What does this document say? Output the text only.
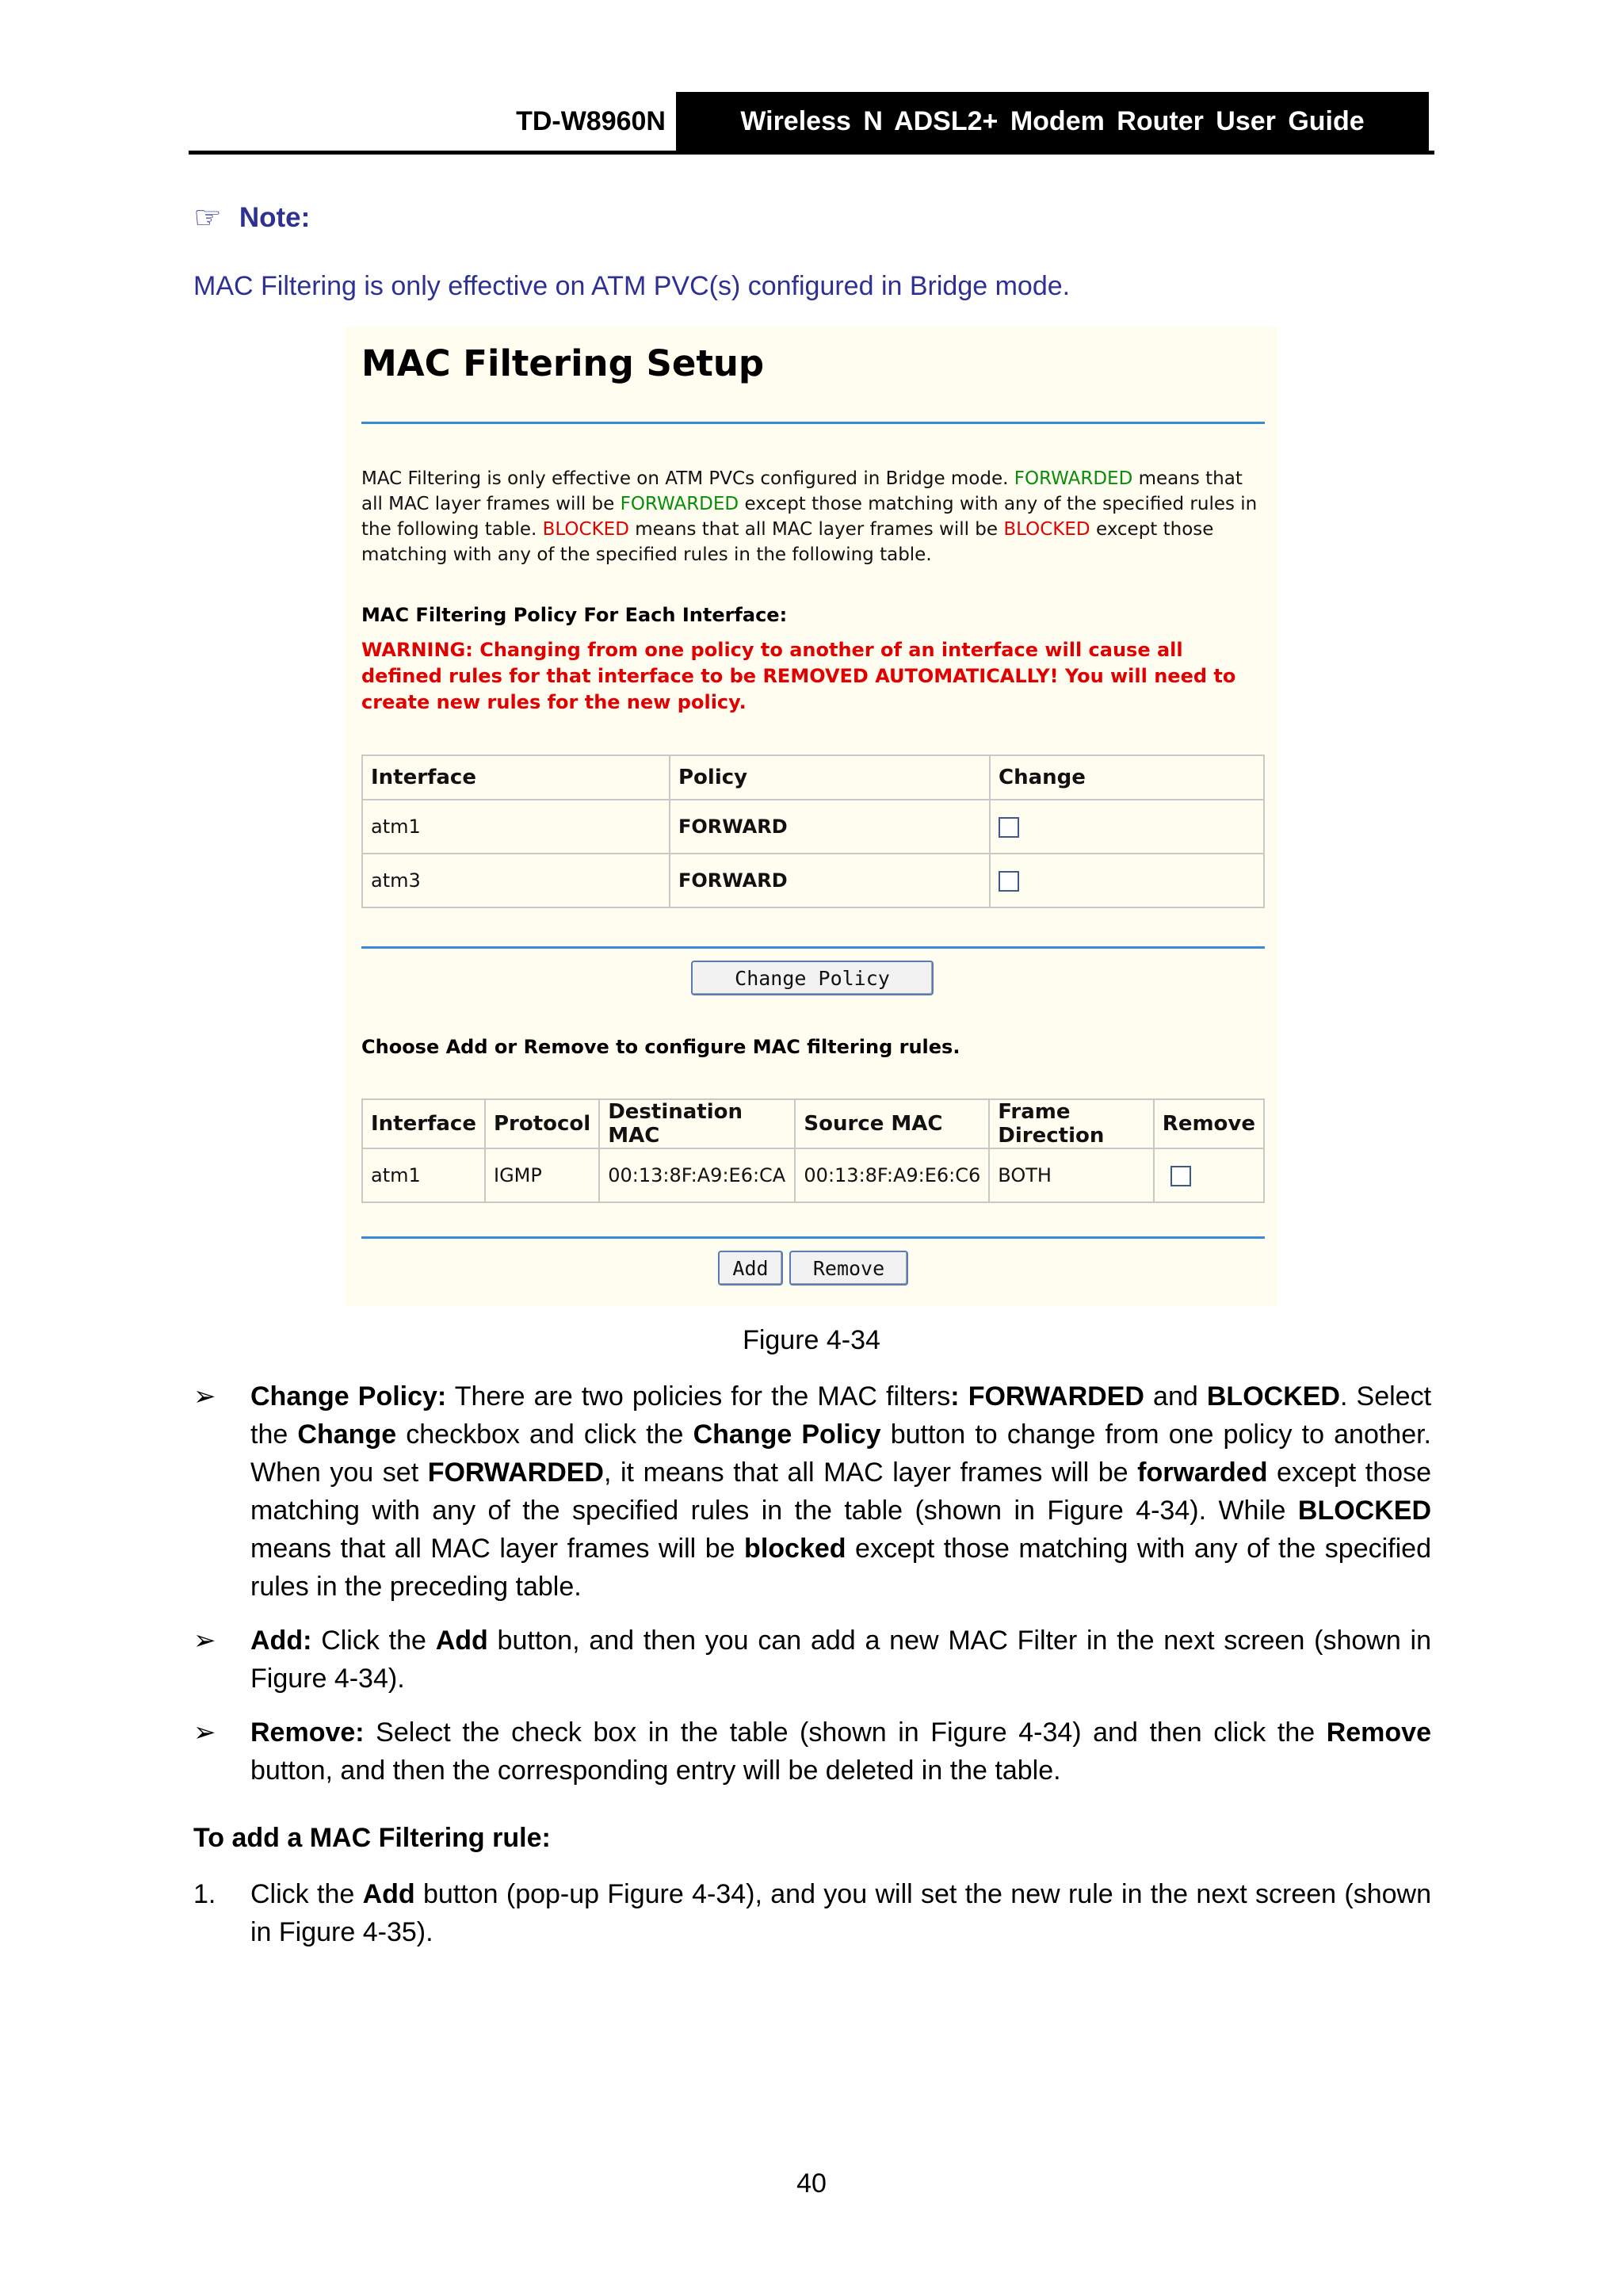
TD-W8960N	Wireless N ADSL2+ Modem Router User Guide
☞ Note:
MAC Filtering is only effective on ATM PVC(s) configured in Bridge mode.
MAC Filtering Setup
MAC Filtering is only effective on ATM PVCs configured in Bridge mode. FORWARDED means that all MAC layer frames will be FORWARDED except those matching with any of the specified rules in the following table. BLOCKED means that all MAC layer frames will be BLOCKED except those matching with any of the specified rules in the following table.
MAC Filtering Policy For Each Interface:
WARNING: Changing from one policy to another of an interface will cause all defined rules for that interface to be REMOVED AUTOMATICALLY! You will need to create new rules for the new policy.
Interface	Policy	Change
atm1	FORWARD	
atm3	FORWARD	
Change Policy
Choose Add or Remove to configure MAC filtering rules.
Interface	Protocol	Destination MAC	Source MAC	Frame Direction	Remove
atm1	IGMP	00:13:8F:A9:E6:CA	00:13:8F:A9:E6:C6	BOTH	
Add	Remove
Figure 4-34
➢ Change Policy: There are two policies for the MAC filters: FORWARDED and BLOCKED. Select the Change checkbox and click the Change Policy button to change from one policy to another. When you set FORWARDED, it means that all MAC layer frames will be forwarded except those matching with any of the specified rules in the table (shown in Figure 4-34). While BLOCKED means that all MAC layer frames will be blocked except those matching with any of the specified rules in the preceding table.
➢ Add: Click the Add button, and then you can add a new MAC Filter in the next screen (shown in Figure 4-34).
➢ Remove: Select the check box in the table (shown in Figure 4-34) and then click the Remove button, and then the corresponding entry will be deleted in the table.
To add a MAC Filtering rule:
1. Click the Add button (pop-up Figure 4-34), and you will set the new rule in the next screen (shown in Figure 4-35).
40
